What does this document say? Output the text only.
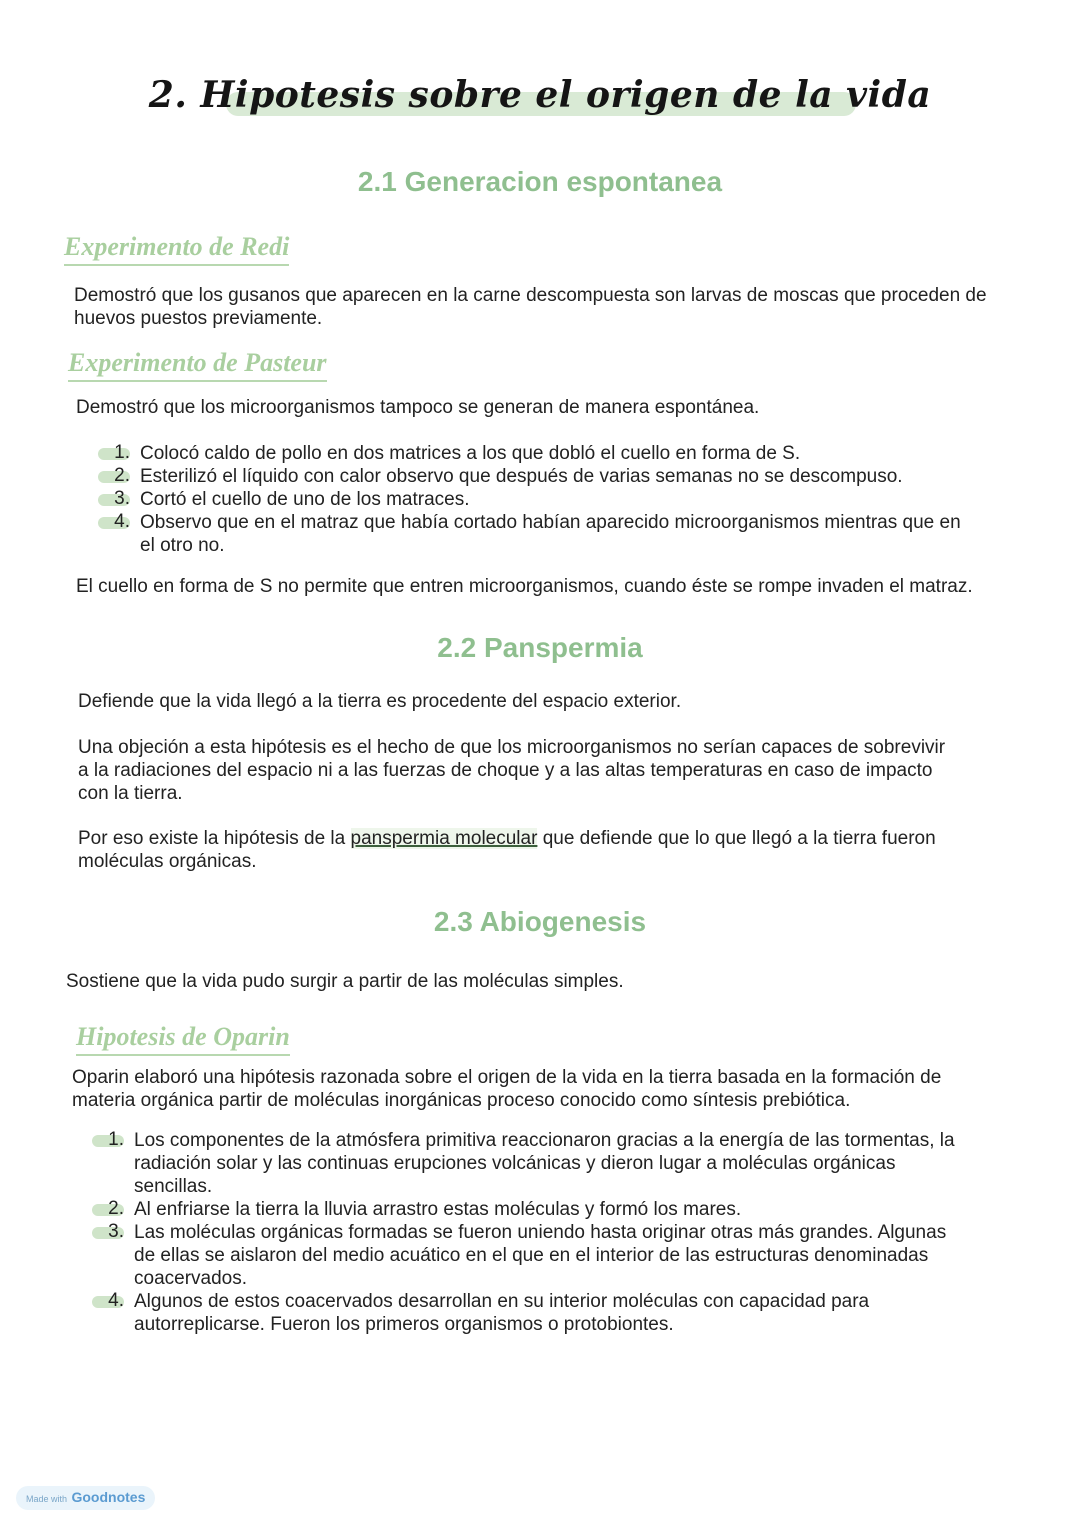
2. Hipotesis sobre el origen de la vida
2.1 Generacion espontanea
Experimento de Redi
Demostró que los gusanos que aparecen en la carne descompuesta son larvas de moscas que proceden de
huevos puestos previamente.
Experimento de Pasteur
Demostró que los microorganismos tampoco se generan de manera espontánea.
1. Colocó caldo de pollo en dos matrices a los que dobló el cuello en forma de S.
2. Esterilizó el líquido con calor observo que después de varias semanas no se descompuso.
3. Cortó el cuello de uno de los matraces.
4. Observo que en el matraz que había cortado habían aparecido microorganismos mientras que en
el otro no.
El cuello en forma de S no permite que entren microorganismos, cuando éste se rompe invaden el matraz.
2.2 Panspermia
Defiende que la vida llegó a la tierra es procedente del espacio exterior.
Una objeción a esta hipótesis es el hecho de que los microorganismos no serían capaces de sobrevivir
a la radiaciones del espacio ni a las fuerzas de choque y a las altas temperaturas en caso de impacto
con la tierra.
Por eso existe la hipótesis de la panspermia molecular que defiende que lo que llegó a la tierra fueron
moléculas orgánicas.
2.3 Abiogenesis
Sostiene que la vida pudo surgir a partir de las moléculas simples.
Hipotesis de Oparin
Oparin elaboró una hipótesis razonada sobre el origen de la vida en la tierra basada en la formación de
materia orgánica partir de moléculas inorgánicas proceso conocido como síntesis prebiótica.
1. Los componentes de la atmósfera primitiva reaccionaron gracias a la energía de las tormentas, la
radiación solar y las continuas erupciones volcánicas y dieron lugar a moléculas orgánicas
sencillas.
2. Al enfriarse la tierra la lluvia arrastro estas moléculas y formó los mares.
3. Las moléculas orgánicas formadas se fueron uniendo hasta originar otras más grandes. Algunas
de ellas se aislaron del medio acuático en el que en el interior de las estructuras denominadas
coacervados.
4. Algunos de estos coacervados desarrollan en su interior moléculas con capacidad para
autorreplicarse. Fueron los primeros organismos o protobiontes.
Made with Goodnotes
